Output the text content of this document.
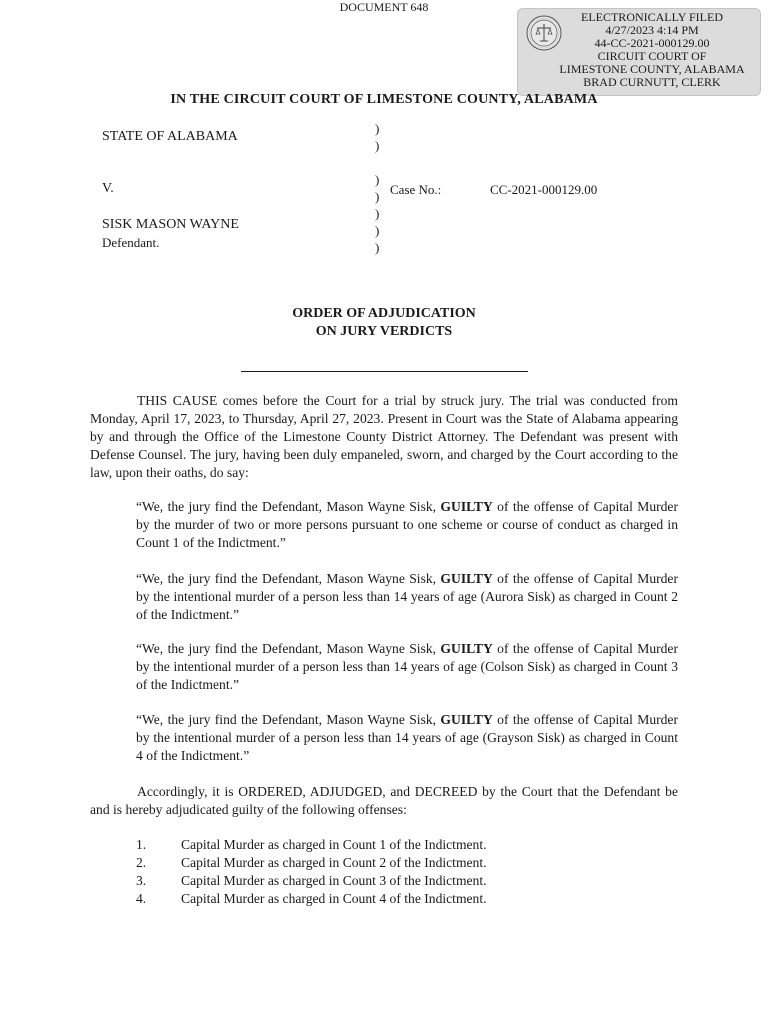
DOCUMENT 648
ELECTRONICALLY FILED
4/27/2023 4:14 PM
44-CC-2021-000129.00
CIRCUIT COURT OF
LIMESTONE COUNTY, ALABAMA
BRAD CURNUTT, CLERK
IN THE CIRCUIT COURT OF LIMESTONE COUNTY, ALABAMA
STATE OF ALABAMA
V.
SISK MASON WAYNE
Defendant.
)
)

)
)
)
)
)
Case No.:	CC-2021-000129.00
ORDER OF ADJUDICATION
ON JURY VERDICTS
THIS CAUSE comes before the Court for a trial by struck jury. The trial was conducted from Monday, April 17, 2023, to Thursday, April 27, 2023. Present in Court was the State of Alabama appearing by and through the Office of the Limestone County District Attorney. The Defendant was present with Defense Counsel. The jury, having been duly empaneled, sworn, and charged by the Court according to the law, upon their oaths, do say:
“We, the jury find the Defendant, Mason Wayne Sisk, GUILTY of the offense of Capital Murder by the murder of two or more persons pursuant to one scheme or course of conduct as charged in Count 1 of the Indictment.”
“We, the jury find the Defendant, Mason Wayne Sisk, GUILTY of the offense of Capital Murder by the intentional murder of a person less than 14 years of age (Aurora Sisk) as charged in Count 2 of the Indictment.”
“We, the jury find the Defendant, Mason Wayne Sisk, GUILTY of the offense of Capital Murder by the intentional murder of a person less than 14 years of age (Colson Sisk) as charged in Count 3 of the Indictment.”
“We, the jury find the Defendant, Mason Wayne Sisk, GUILTY of the offense of Capital Murder by the intentional murder of a person less than 14 years of age (Grayson Sisk) as charged in Count 4 of the Indictment.”
Accordingly, it is ORDERED, ADJUDGED, and DECREED by the Court that the Defendant be and is hereby adjudicated guilty of the following offenses:
1.	Capital Murder as charged in Count 1 of the Indictment.
2.	Capital Murder as charged in Count 2 of the Indictment.
3.	Capital Murder as charged in Count 3 of the Indictment.
4.	Capital Murder as charged in Count 4 of the Indictment.
